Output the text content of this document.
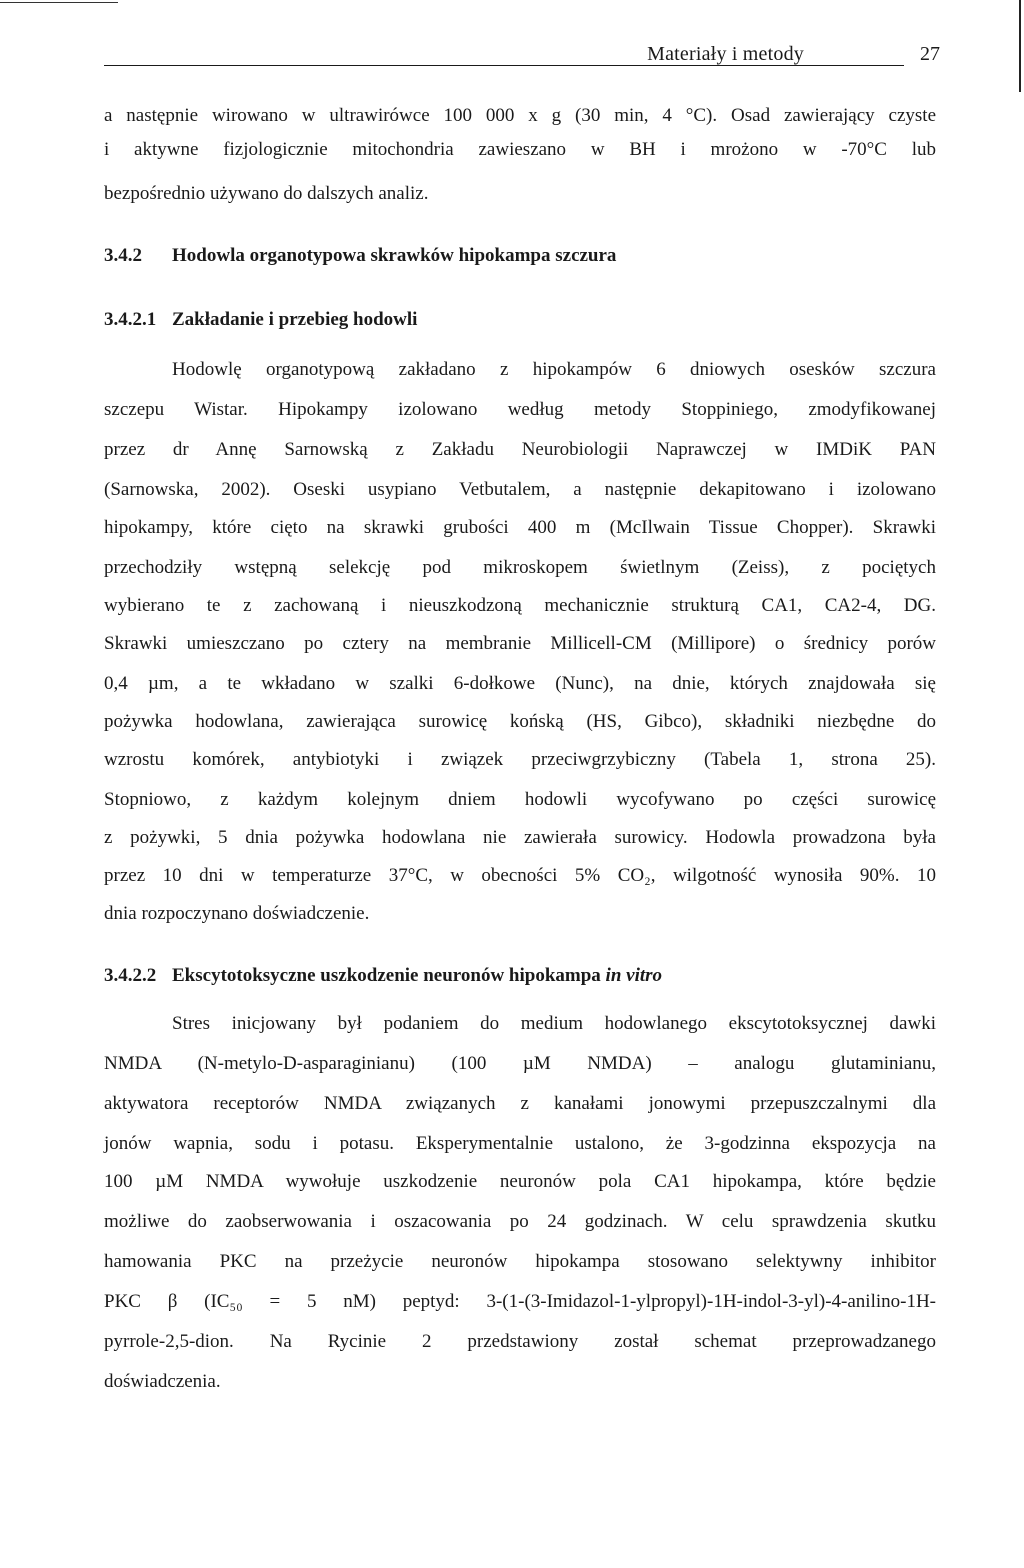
Materiały i metody	27
a następnie wirowano w ultrawirówce 100 000 x g (30 min, 4 °C). Osad zawierający czyste
i aktywne fizjologicznie mitochondria zawieszano w BH i mrożono w -70°C lub
bezpośrednio używano do dalszych analiz.
3.4.2 Hodowla organotypowa skrawków hipokampa szczura
3.4.2.1 Zakładanie i przebieg hodowli
Hodowlę organotypową zakładano z hipokampów 6 dniowych osesków szczura
szczepu Wistar. Hipokampy izolowano według metody Stoppiniego, zmodyfikowanej
przez dr Annę Sarnowską z Zakładu Neurobiologii Naprawczej w IMDiK PAN
(Sarnowska, 2002). Oseski usypiano Vetbutalem, a następnie dekapitowano i izolowano
hipokampy, które cięto na skrawki grubości 400 m (McIlwain Tissue Chopper). Skrawki
przechodziły wstępną selekcję pod mikroskopem świetlnym (Zeiss), z pociętych
wybierano te z zachowaną i nieuszkodzoną mechanicznie strukturą CA1, CA2-4, DG.
Skrawki umieszczano po cztery na membranie Millicell-CM (Millipore) o średnicy porów
0,4 µm, a te wkładano w szalki 6-dołkowe (Nunc), na dnie, których znajdowała się
pożywka hodowlana, zawierająca surowicę końską (HS, Gibco), składniki niezbędne do
wzrostu komórek, antybiotyki i związek przeciwgrzybiczny (Tabela 1, strona 25).
Stopniowo, z każdym kolejnym dniem hodowli wycofywano po części surowicę
z pożywki, 5 dnia pożywka hodowlana nie zawierała surowicy. Hodowla prowadzona była
przez 10 dni w temperaturze 37°C, w obecności 5% CO₂, wilgotność wynosiła 90%. 10
dnia rozpoczynano doświadczenie.
3.4.2.2 Ekscytotoksyczne uszkodzenie neuronów hipokampa in vitro
Stres inicjowany był podaniem do medium hodowlanego ekscytotoksycznej dawki
NMDA (N-metylo-D-asparaginianu) (100 µM NMDA) – analogu glutaminianu,
aktywatora receptorów NMDA związanych z kanałami jonowymi przepuszczalnymi dla
jonów wapnia, sodu i potasu. Eksperymentalnie ustalono, że 3-godzinna ekspozycja na
100 µM NMDA wywołuje uszkodzenie neuronów pola CA1 hipokampa, które będzie
możliwe do zaobserwowania i oszacowania po 24 godzinach. W celu sprawdzenia skutku
hamowania PKC na przeżycie neuronów hipokampa stosowano selektywny inhibitor
PKC β (IC₅₀ = 5 nM) peptyd: 3-(1-(3-Imidazol-1-ylpropyl)-1H-indol-3-yl)-4-anilino-1H-
pyrrole-2,5-dion. Na Rycinie 2 przedstawiony został schemat przeprowadzanego
doświadczenia.
